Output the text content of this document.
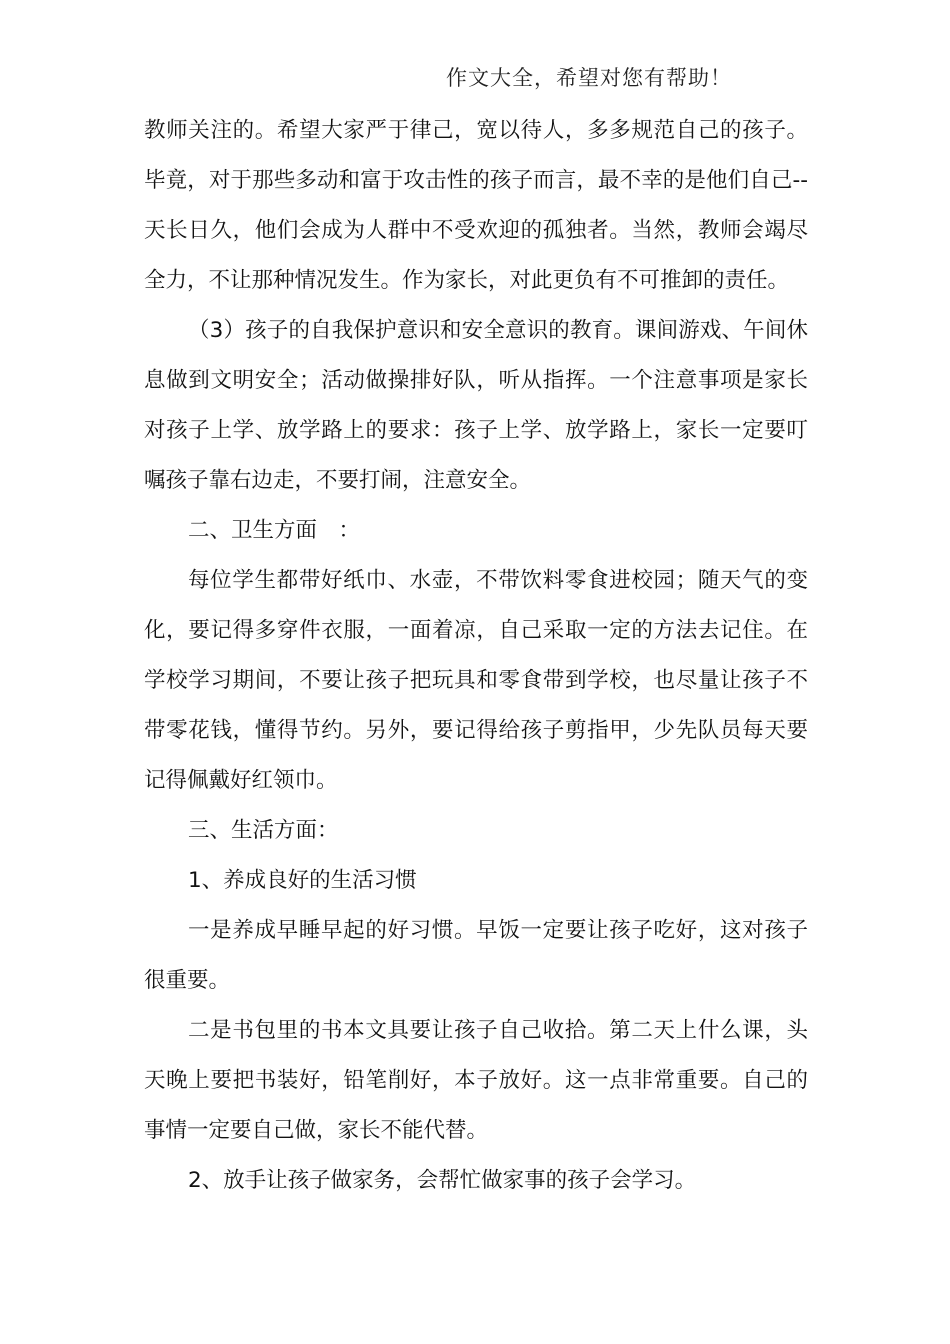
作文大全，希望对您有帮助！

教师关注的。希望大家严于律己，宽以待人，多多规范自己的孩子。毕竟，对于那些多动和富于攻击性的孩子而言，最不幸的是他们自己--天长日久，他们会成为人群中不受欢迎的孤独者。当然，教师会竭尽全力，不让那种情况发生。作为家长，对此更负有不可推卸的责任。

（3）孩子的自我保护意识和安全意识的教育。课间游戏、午间休息做到文明安全；活动做操排好队，听从指挥。一个注意事项是家长对孩子上学、放学路上的要求：孩子上学、放学路上，家长一定要叮嘱孩子靠右边走，不要打闹，注意安全。

二、卫生方面　：

每位学生都带好纸巾、水壶，不带饮料零食进校园；随天气的变化，要记得多穿件衣服，一面着凉，自己采取一定的方法去记住。在学校学习期间，不要让孩子把玩具和零食带到学校，也尽量让孩子不带零花钱，懂得节约。另外，要记得给孩子剪指甲，少先队员每天要记得佩戴好红领巾。

三、生活方面：

1、养成良好的生活习惯

一是养成早睡早起的好习惯。早饭一定要让孩子吃好，这对孩子很重要。

二是书包里的书本文具要让孩子自己收拾。第二天上什么课，头天晚上要把书装好，铅笔削好，本子放好。这一点非常重要。自己的事情一定要自己做，家长不能代替。

2、放手让孩子做家务，会帮忙做家事的孩子会学习。
